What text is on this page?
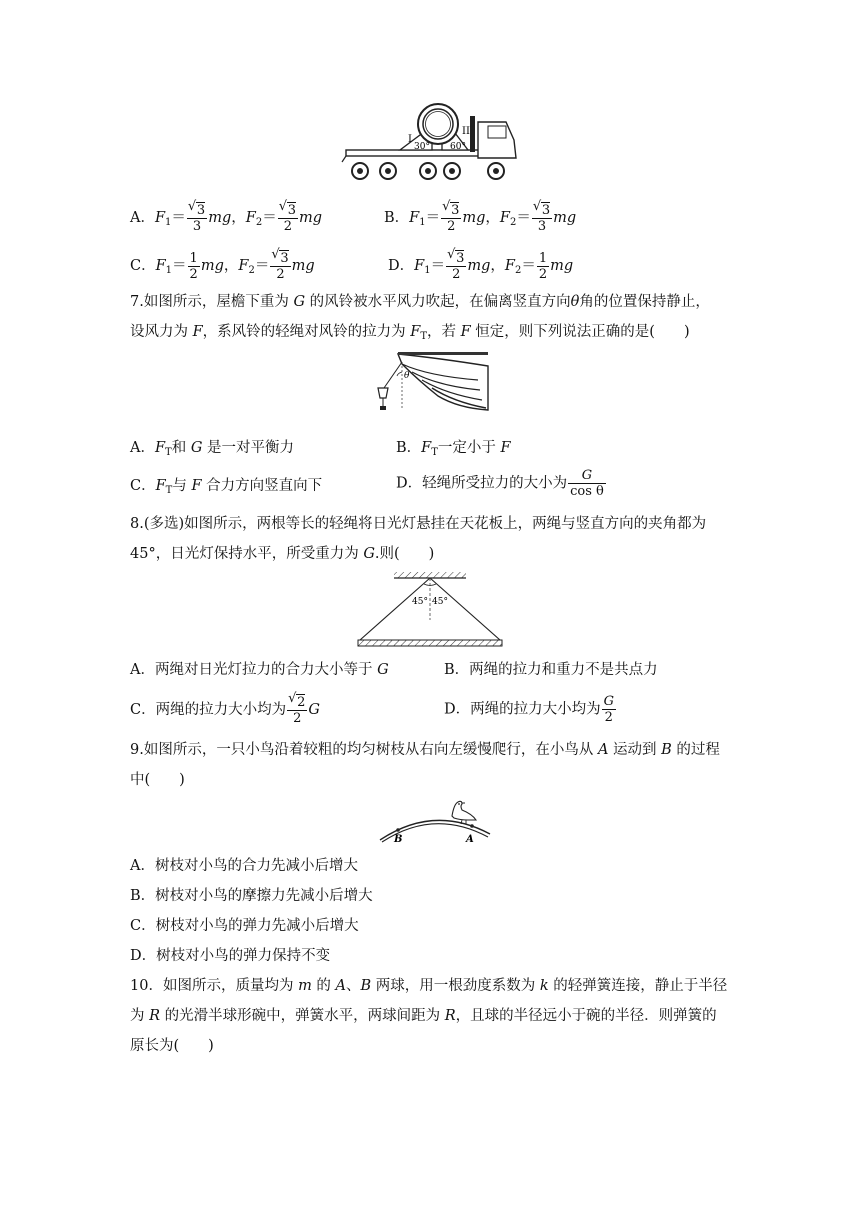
I
II
30° 60°
A．$F_1=$ √ $\frac{3}{3}$ mg，$F_2=$ √ $\frac{3}{2}$ mg	B．$F_1=$ √ $\frac{3}{2}$ mg，$F_2=$ √ $\frac{3}{3}$ mg
C．$F_1= \frac{1}{2}$ mg，$F_2=$ √ $\frac{3}{2}$ mg	D．$F_1=$ √ $\frac{3}{2}$ mg，$F_2= \frac{1}{2}$ mg
7.如图所示，屋檐下重为 G 的风铃被水平风力吹起，在偏离竖直方向θ角的位置保持静止，
设风力为 F，系风铃的轻绳对风铃的拉力为 $F_T$，若 F 恒定，则下列说法正确的是(　　)
θ
A．$F_T$和 G 是一对平衡力	B．$F_T$一定小于 F
C．$F_T$与 F 合力方向竖直向下	D．轻绳所受拉力的大小为 $\frac{G}{\text{cos θ}}$
8.(多选)如图所示，两根等长的轻绳将日光灯悬挂在天花板上，两绳与竖直方向的夹角都为
45°，日光灯保持水平，所受重力为 G.则(　　)
45° 45°
A．两绳对日光灯拉力的合力大小等于 G	B．两绳的拉力和重力不是共点力
C．两绳的拉力大小均为 √ $\frac{2}{2}$ G	D．两绳的拉力大小均为 $\frac{G}{2}$
9.如图所示，一只小鸟沿着较粗的均匀树枝从右向左缓慢爬行，在小鸟从 A 运动到 B 的过程
中(　　)
B	A
A．树枝对小鸟的合力先减小后增大
B．树枝对小鸟的摩擦力先减小后增大
C．树枝对小鸟的弹力先减小后增大
D．树枝对小鸟的弹力保持不变
10．如图所示，质量均为 m 的 A、B 两球，用一根劲度系数为 k 的轻弹簧连接，静止于半径
为 R 的光滑半球形碗中，弹簧水平，两球间距为 R，且球的半径远小于碗的半径．则弹簧的
原长为(　　)
